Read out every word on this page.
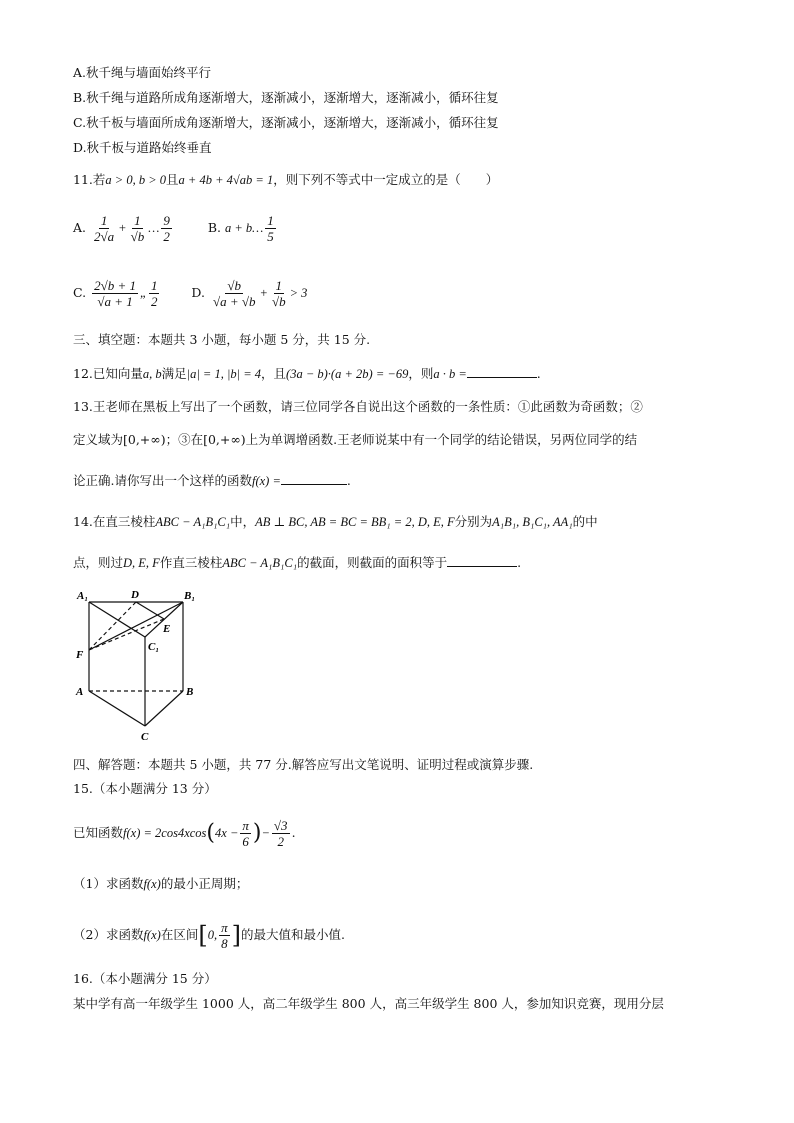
A.秋千绳与墙面始终平行
B.秋千绳与道路所成角逐渐增大，逐渐减小，逐渐增大，逐渐减小，循环往复
C.秋千板与墙面所成角逐渐增大，逐渐减小，逐渐增大，逐渐减小，循环往复
D.秋千板与道路始终垂直
11.若a > 0, b > 0且a + 4b + 4√ab = 1，则下列不等式中一定成立的是（　　）
A. $\frac{1}{2√a} + \frac{1}{√b}$ … $\frac{9}{2}$	B. a + b… $\frac{1}{5}$
C. $\frac{2√b + 1}{√a + 1}$ „ $\frac{1}{2}$	D. $\frac{√b}{√a + √b} + \frac{1}{√b} > 3$
三、填空题：本题共 3 小题，每小题 5 分，共 15 分.
12.已知向量a, b满足|a| = 1, |b| = 4，且(3a − b)·(a + 2b) = −69，则a · b =	.
13.王老师在黑板上写出了一个函数，请三位同学各自说出这个函数的一条性质：①此函数为奇函数；②
定义域为[0,+∞)；③在[0,+∞)上为单调增函数.王老师说某中有一个同学的结论错误，另两位同学的结
论正确.请你写出一个这样的函数f(x) =	.
14.在直三棱柱ABC − A₁B₁C₁中，AB ⊥ BC, AB = BC = BB₁ = 2, D, E, F分别为A₁B₁, B₁C₁, AA₁的中
点，则过D, E, F作直三棱柱ABC − A₁B₁C₁的截面，则截面的面积等于	.
A₁	D	B₁
E
C₁
F
A	B
C
四、解答题：本题共 5 小题，共 77 分.解答应写出文笔说明、证明过程或演算步骤.
15.（本小题满分 13 分）
已知函数$f(x) = 2\cos 4xcos(4x - \frac{\pi}{6}$ )− $\frac{√3}{2}$ .
（1）求函数f(x)的最小正周期；
（2）求函数f(x)在区间[0, $\frac{\pi}{8}$ ]的最大值和最小值.
16.（本小题满分 15 分）
某中学有高一年级学生 1000 人，高二年级学生 800 人，高三年级学生 800 人，参加知识竞赛，现用分层
